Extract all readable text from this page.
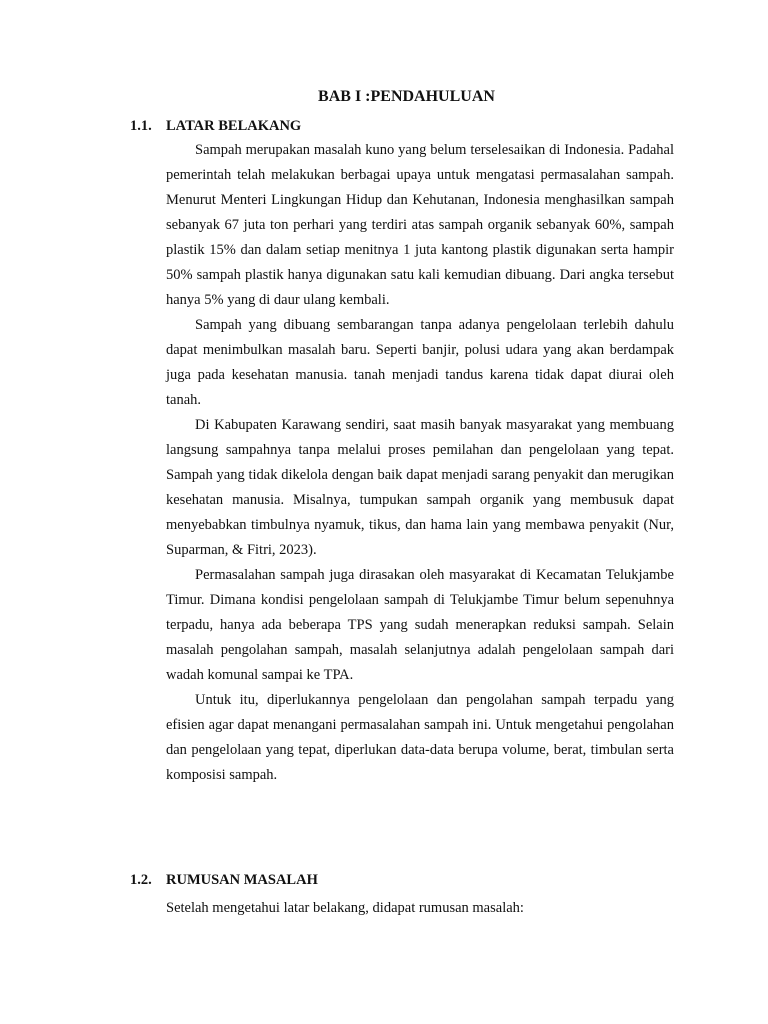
BAB I :PENDAHULUAN
1.1. LATAR BELAKANG

Sampah merupakan masalah kuno yang belum terselesaikan di Indonesia. Padahal pemerintah telah melakukan berbagai upaya untuk mengatasi permasalahan sampah. Menurut Menteri Lingkungan Hidup dan Kehutanan, Indonesia menghasilkan sampah sebanyak 67 juta ton perhari yang terdiri atas sampah organik sebanyak 60%, sampah plastik 15% dan dalam setiap menitnya 1 juta kantong plastik digunakan serta hampir 50% sampah plastik hanya digunakan satu kali kemudian dibuang. Dari angka tersebut hanya 5% yang di daur ulang kembali.

Sampah yang dibuang sembarangan tanpa adanya pengelolaan terlebih dahulu dapat menimbulkan masalah baru. Seperti banjir, polusi udara yang akan berdampak juga pada kesehatan manusia. tanah menjadi tandus karena tidak dapat diurai oleh tanah.

Di Kabupaten Karawang sendiri, saat masih banyak masyarakat yang membuang langsung sampahnya tanpa melalui proses pemilahan dan pengelolaan yang tepat. Sampah yang tidak dikelola dengan baik dapat menjadi sarang penyakit dan merugikan kesehatan manusia. Misalnya, tumpukan sampah organik yang membusuk dapat menyebabkan timbulnya nyamuk, tikus, dan hama lain yang membawa penyakit (Nur, Suparman, & Fitri, 2023).

Permasalahan sampah juga dirasakan oleh masyarakat di Kecamatan Telukjambe Timur. Dimana kondisi pengelolaan sampah di Telukjambe Timur belum sepenuhnya terpadu, hanya ada beberapa TPS yang sudah menerapkan reduksi sampah. Selain masalah pengolahan sampah, masalah selanjutnya adalah pengelolaan sampah dari wadah komunal sampai ke TPA.

Untuk itu, diperlukannya pengelolaan dan pengolahan sampah terpadu yang efisien agar dapat menangani permasalahan sampah ini. Untuk mengetahui pengolahan dan pengelolaan yang tepat, diperlukan data-data berupa volume, berat, timbulan serta komposisi sampah.

1.2. RUMUSAN MASALAH
Setelah mengetahui latar belakang, didapat rumusan masalah:
